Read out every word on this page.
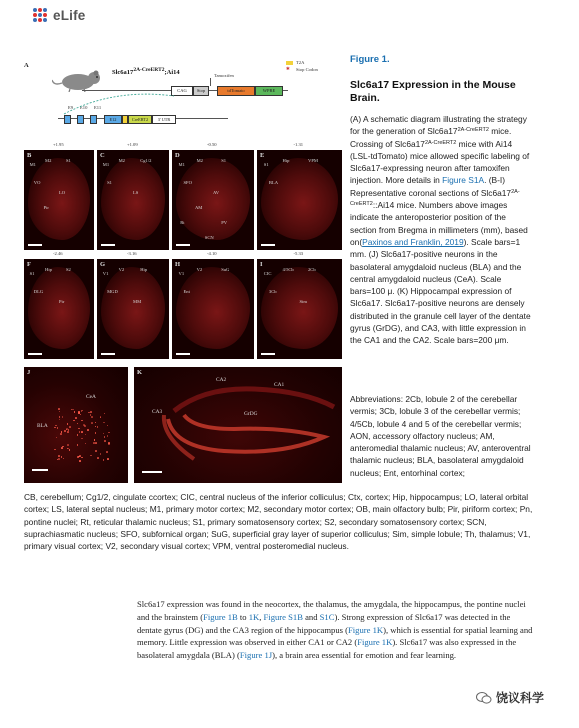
eLife
A
$Slc6a17^{2A-CreERT2};Ai14$
T2A
✱ Stop Codon
Tamoxifen
CAG	Stop	tdTomato	WPRE
E9 E10 E11
E12	CreERT2	3' UTR
+1.95
B
M1
M2	S1
VO
LO
Pir
+1.09
C
M1
M2	Cg1/2
S1
LS
-0.50
D
M1
M2	S1
SFO
AV
AM
Rt	PV
SCN
-1.31
E
S1
Hip	VPM
BLA
-2.46
F
S1
Hip	S2
DLG
Pir
-3.16
G
V1
V2	Hip
MGD
MM
-4.10
H
V1
V2	SuG
Ent
-5.33
I
CIC
4/5Cb	2Cb
3Cb
Sim
J
CeA
BLA
K
CA2
CA1
CA3	GrDG
Figure 1.
Slc6a17 Expression in the Mouse Brain.
(A) A schematic diagram illustrating the strategy for the generation of $Slc6a17^{2A-CreERT2}$ mice. Crossing of $Slc6a17^{2A-CreERT2}$ mice with Ai14 (LSL-tdTomato) mice allowed specific labeling of Slc6a17-expressing neuron after tamoxifen injection. More details in Figure S1A. (B-I) Representative coronal sections of $Slc6a17^{2A-CreERT2}::Ai14$ mice. Numbers above images indicate the anteroposterior position of the section from Bregma in millimeters (mm), based on(Paxinos and Franklin, 2019). Scale bars=1 mm. (J) Slc6a17-positive neurons in the basolateral amygdaloid nucleus (BLA) and the central amygdaloid nucleus (CeA). Scale bars=100 μ. (K) Hippocampal expression of Slc6a17. Slc6a17-positive neurons are densely distributed in the granule cell layer of the dentate gyrus (GrDG), and CA3, with little expression in the CA1 and the CA2. Scale bars=200 μm.
Abbreviations: 2Cb, lobule 2 of the cerebellar vermis; 3Cb, lobule 3 of the cerebellar vermis; 4/5Cb, lobule 4 and 5 of the cerebellar vermis; AON, accessory olfactory nucleus; AM, anteromedial thalamic nucleus; AV, anteroventral thalamic nucleus; BLA, basolateral amygdaloid nucleus; Ent, entorhinal cortex;
CB, cerebellum; Cg1/2, cingulate ccortex; CIC, central nucleus of the inferior colliculus; Ctx, cortex; Hip, hippocampus; LO, lateral orbital cortex; LS, lateral septal nucleus; M1, primary motor cortex; M2, secondary motor cortex; OB, main olfactory bulb; Pir, piriform cortex; Pn, pontine nuclei; Rt, reticular thalamic nucleus; S1, primary somatosensory cortex; S2, secondary somatosensory cortex; SCN, suprachiasmatic nucleus; SFO, subfornical organ; SuG, superficial gray layer of superior colliculus; Sim, simple lobule; Th, thalamus; V1, primary visual cortex; V2, secondary visual cortex; VPM, ventral posteromedial nucleus.
Slc6a17 expression was found in the neocortex, the thalamus, the amygdala, the hippocampus, the pontine nuclei and the brainstem (Figure 1B to 1K, Figure S1B and S1C). Strong expression of Slc6a17 was detected in the dentate gyrus (DG) and the CA3 region of the hippocampus (Figure 1K), which is essential for spatial learning and memory. Little expression was observed in either CA1 or CA2 (Figure 1K). Slc6a17 was also expressed in the basolateral amygdala (BLA) (Figure 1J), a brain area essential for emotion and fear learning.
饶议科学
